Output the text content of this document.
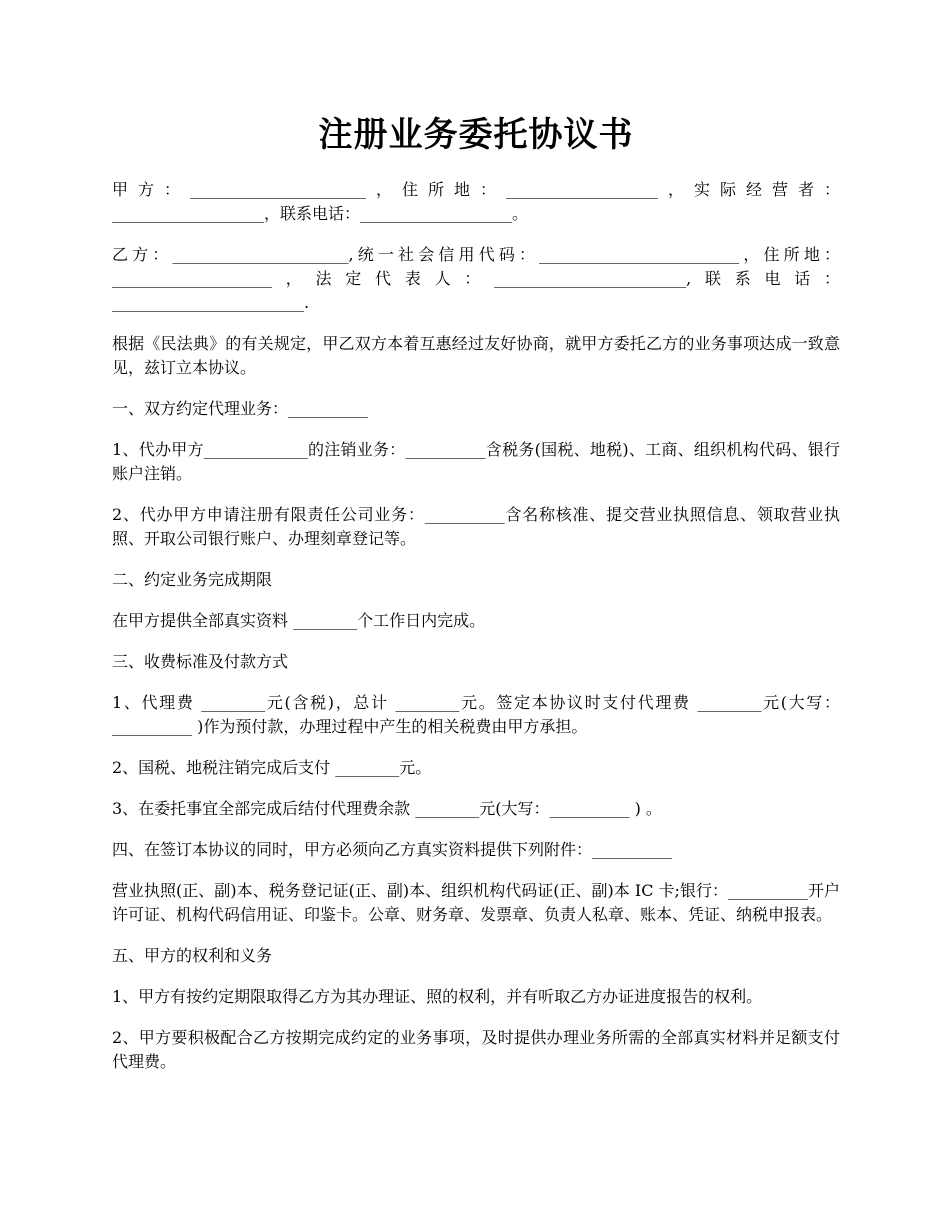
注册业务委托协议书

甲方：______________________，住所地：___________________，实际经营者：___________________，联系电话：___________________。

乙方：______________________,统一社会信用代码：_________________________，住所地：____________________，法定代表人：________________________,联系电话：________________________.

根据《民法典》的有关规定，甲乙双方本着互惠经过友好协商，就甲方委托乙方的业务事项达成一致意见，兹订立本协议。

一、双方约定代理业务：__________

1、代办甲方_____________的注销业务：__________含税务(国税、地税)、工商、组织机构代码、银行账户注销。

2、代办甲方申请注册有限责任公司业务：__________含名称核准、提交营业执照信息、领取营业执照、开取公司银行账户、办理刻章登记等。

二、约定业务完成期限

在甲方提供全部真实资料 ________个工作日内完成。

三、收费标准及付款方式

1、代理费 ________元(含税)，总计 ________元。签定本协议时支付代理费 ________元(大写：__________ )作为预付款，办理过程中产生的相关税费由甲方承担。

2、国税、地税注销完成后支付 ________元。

3、在委托事宜全部完成后结付代理费余款 ________元(大写：__________ ) 。

四、在签订本协议的同时，甲方必须向乙方真实资料提供下列附件：__________

营业执照(正、副)本、税务登记证(正、副)本、组织机构代码证(正、副)本 IC 卡;银行：__________开户许可证、机构代码信用证、印鉴卡。公章、财务章、发票章、负责人私章、账本、凭证、纳税申报表。

五、甲方的权利和义务

1、甲方有按约定期限取得乙方为其办理证、照的权利，并有听取乙方办证进度报告的权利。

2、甲方要积极配合乙方按期完成约定的业务事项，及时提供办理业务所需的全部真实材料并足额支付代理费。
